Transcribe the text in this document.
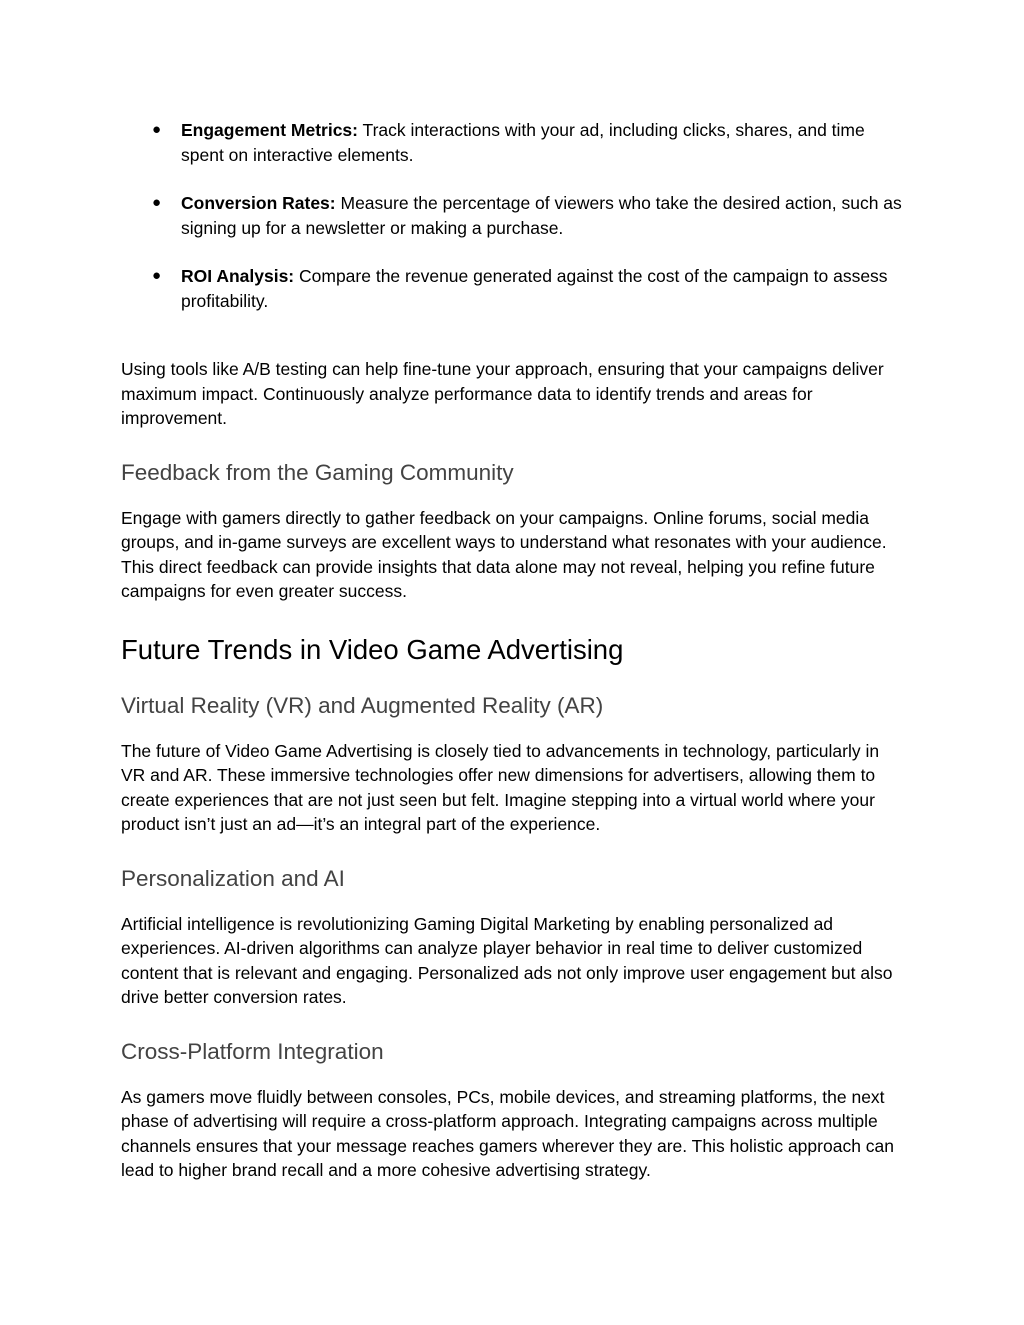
● Engagement Metrics: Track interactions with your ad, including clicks, shares, and time spent on interactive elements.
● Conversion Rates: Measure the percentage of viewers who take the desired action, such as signing up for a newsletter or making a purchase.
● ROI Analysis: Compare the revenue generated against the cost of the campaign to assess profitability.

Using tools like A/B testing can help fine-tune your approach, ensuring that your campaigns deliver maximum impact. Continuously analyze performance data to identify trends and areas for improvement.

Feedback from the Gaming Community

Engage with gamers directly to gather feedback on your campaigns. Online forums, social media groups, and in-game surveys are excellent ways to understand what resonates with your audience. This direct feedback can provide insights that data alone may not reveal, helping you refine future campaigns for even greater success.

Future Trends in Video Game Advertising
Virtual Reality (VR) and Augmented Reality (AR)

The future of Video Game Advertising is closely tied to advancements in technology, particularly in VR and AR. These immersive technologies offer new dimensions for advertisers, allowing them to create experiences that are not just seen but felt. Imagine stepping into a virtual world where your product isn’t just an ad—it’s an integral part of the experience.

Personalization and AI

Artificial intelligence is revolutionizing Gaming Digital Marketing by enabling personalized ad experiences. AI-driven algorithms can analyze player behavior in real time to deliver customized content that is relevant and engaging. Personalized ads not only improve user engagement but also drive better conversion rates.

Cross-Platform Integration

As gamers move fluidly between consoles, PCs, mobile devices, and streaming platforms, the next phase of advertising will require a cross-platform approach. Integrating campaigns across multiple channels ensures that your message reaches gamers wherever they are. This holistic approach can lead to higher brand recall and a more cohesive advertising strategy.
